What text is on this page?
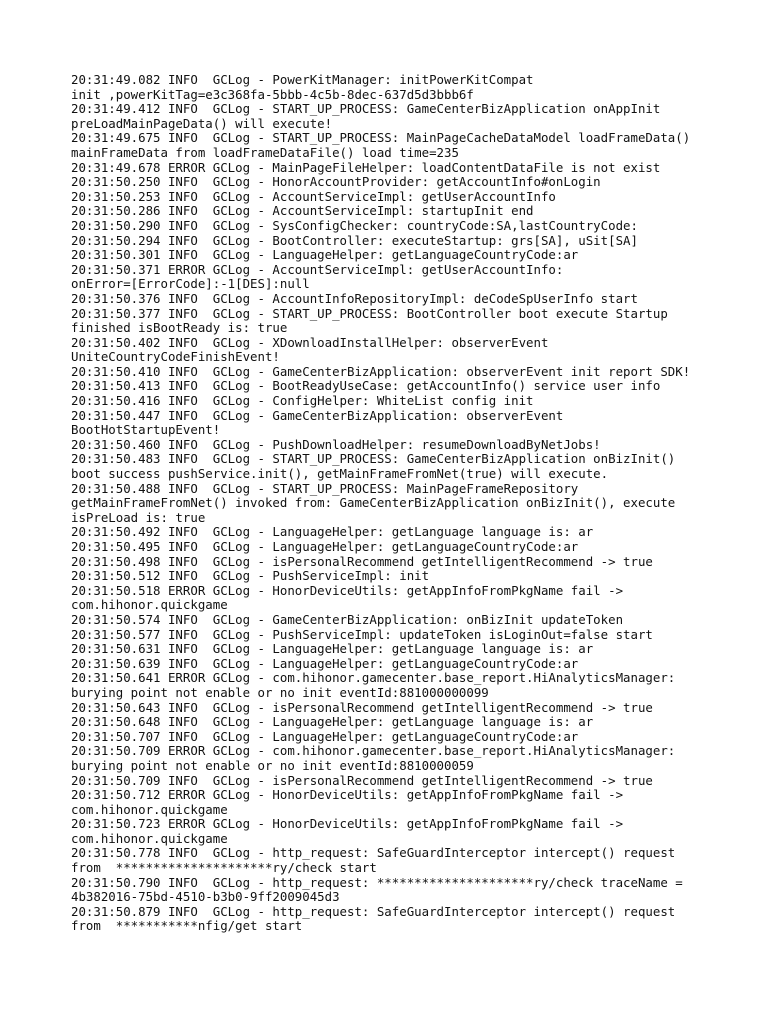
20:31:49.082 INFO  GCLog - PowerKitManager: initPowerKitCompat
init ,powerKitTag=e3c368fa-5bbb-4c5b-8dec-637d5d3bbb6f
20:31:49.412 INFO  GCLog - START_UP_PROCESS: GameCenterBizApplication onAppInit
preLoadMainPageData() will execute!
20:31:49.675 INFO  GCLog - START_UP_PROCESS: MainPageCacheDataModel loadFrameData()
mainFrameData from loadFrameDataFile() load time=235
20:31:49.678 ERROR GCLog - MainPageFileHelper: loadContentDataFile is not exist
20:31:50.250 INFO  GCLog - HonorAccountProvider: getAccountInfo#onLogin
20:31:50.253 INFO  GCLog - AccountServiceImpl: getUserAccountInfo
20:31:50.286 INFO  GCLog - AccountServiceImpl: startupInit end
20:31:50.290 INFO  GCLog - SysConfigChecker: countryCode:SA,lastCountryCode:
20:31:50.294 INFO  GCLog - BootController: executeStartup: grs[SA], uSit[SA]
20:31:50.301 INFO  GCLog - LanguageHelper: getLanguageCountryCode:ar
20:31:50.371 ERROR GCLog - AccountServiceImpl: getUserAccountInfo:
onError=[ErrorCode]:-1[DES]:null
20:31:50.376 INFO  GCLog - AccountInfoRepositoryImpl: deCodeSpUserInfo start
20:31:50.377 INFO  GCLog - START_UP_PROCESS: BootController boot execute Startup
finished isBootReady is: true
20:31:50.402 INFO  GCLog - XDownloadInstallHelper: observerEvent
UniteCountryCodeFinishEvent!
20:31:50.410 INFO  GCLog - GameCenterBizApplication: observerEvent init report SDK!
20:31:50.413 INFO  GCLog - BootReadyUseCase: getAccountInfo() service user info
20:31:50.416 INFO  GCLog - ConfigHelper: WhiteList config init
20:31:50.447 INFO  GCLog - GameCenterBizApplication: observerEvent
BootHotStartupEvent!
20:31:50.460 INFO  GCLog - PushDownloadHelper: resumeDownloadByNetJobs!
20:31:50.483 INFO  GCLog - START_UP_PROCESS: GameCenterBizApplication onBizInit()
boot success pushService.init(), getMainFrameFromNet(true) will execute.
20:31:50.488 INFO  GCLog - START_UP_PROCESS: MainPageFrameRepository
getMainFrameFromNet() invoked from: GameCenterBizApplication onBizInit(), execute
isPreLoad is: true
20:31:50.492 INFO  GCLog - LanguageHelper: getLanguage language is: ar
20:31:50.495 INFO  GCLog - LanguageHelper: getLanguageCountryCode:ar
20:31:50.498 INFO  GCLog - isPersonalRecommend getIntelligentRecommend -> true
20:31:50.512 INFO  GCLog - PushServiceImpl: init
20:31:50.518 ERROR GCLog - HonorDeviceUtils: getAppInfoFromPkgName fail ->
com.hihonor.quickgame
20:31:50.574 INFO  GCLog - GameCenterBizApplication: onBizInit updateToken
20:31:50.577 INFO  GCLog - PushServiceImpl: updateToken isLoginOut=false start
20:31:50.631 INFO  GCLog - LanguageHelper: getLanguage language is: ar
20:31:50.639 INFO  GCLog - LanguageHelper: getLanguageCountryCode:ar
20:31:50.641 ERROR GCLog - com.hihonor.gamecenter.base_report.HiAnalyticsManager:
burying point not enable or no init eventId:881000000099
20:31:50.643 INFO  GCLog - isPersonalRecommend getIntelligentRecommend -> true
20:31:50.648 INFO  GCLog - LanguageHelper: getLanguage language is: ar
20:31:50.707 INFO  GCLog - LanguageHelper: getLanguageCountryCode:ar
20:31:50.709 ERROR GCLog - com.hihonor.gamecenter.base_report.HiAnalyticsManager:
burying point not enable or no init eventId:8810000059
20:31:50.709 INFO  GCLog - isPersonalRecommend getIntelligentRecommend -> true
20:31:50.712 ERROR GCLog - HonorDeviceUtils: getAppInfoFromPkgName fail ->
com.hihonor.quickgame
20:31:50.723 ERROR GCLog - HonorDeviceUtils: getAppInfoFromPkgName fail ->
com.hihonor.quickgame
20:31:50.778 INFO  GCLog - http_request: SafeGuardInterceptor intercept() request
from  *********************ry/check start
20:31:50.790 INFO  GCLog - http_request: *********************ry/check traceName =
4b382016-75bd-4510-b3b0-9ff2009045d3
20:31:50.879 INFO  GCLog - http_request: SafeGuardInterceptor intercept() request
from  ***********nfig/get start
